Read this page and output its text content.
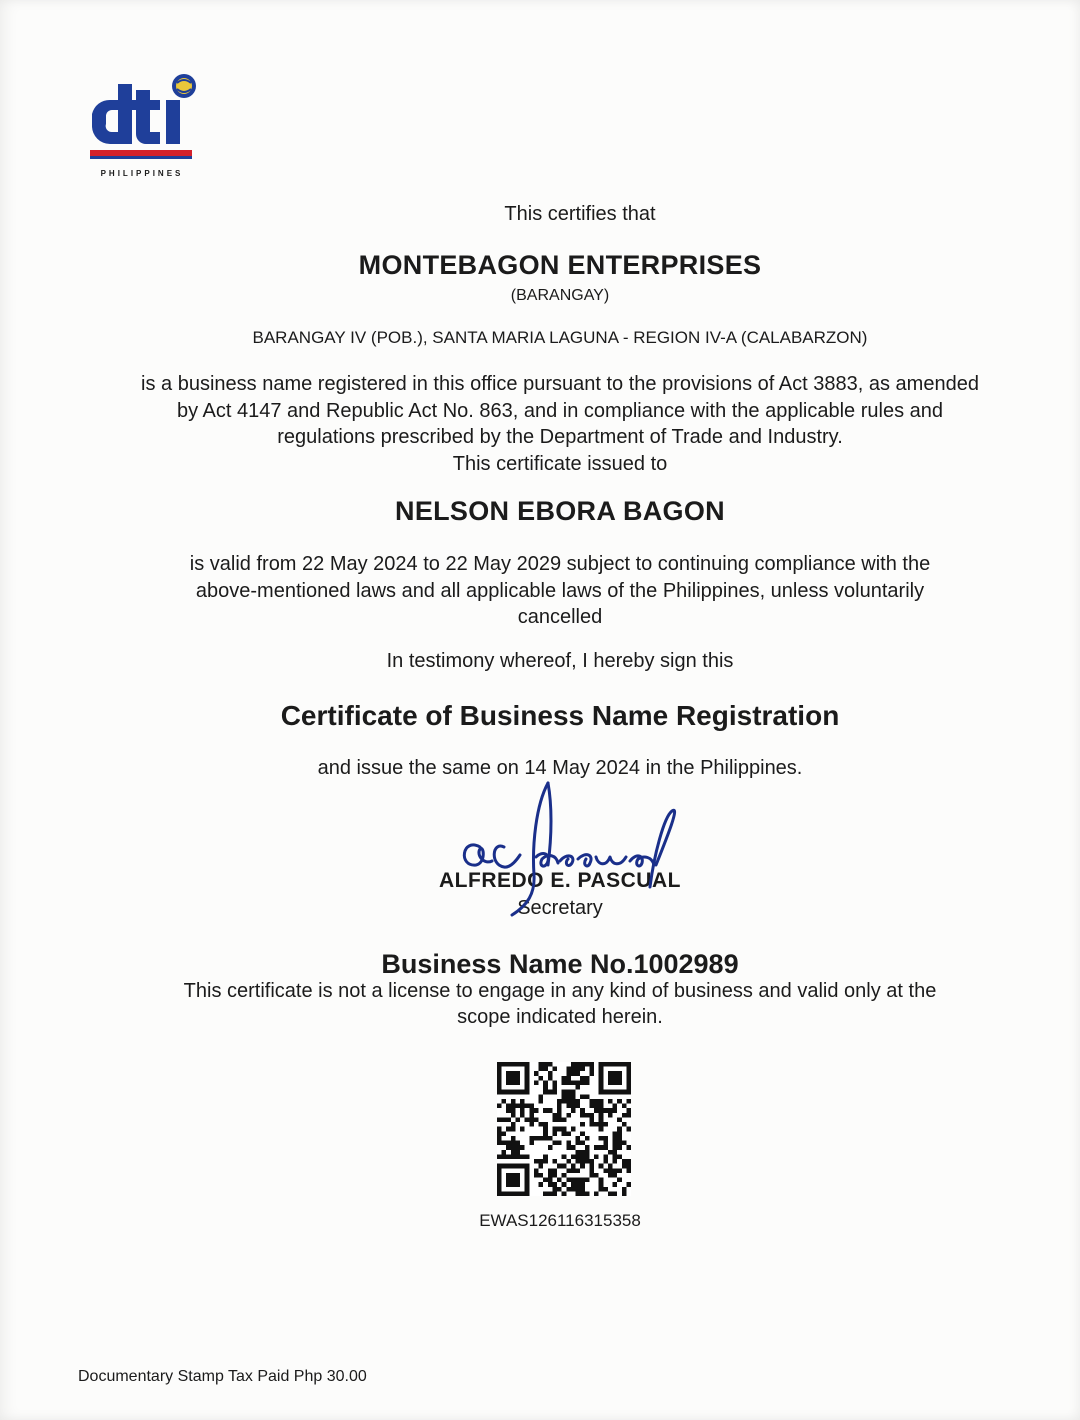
PHILIPPINES
This certifies that
MONTEBAGON ENTERPRISES
(BARANGAY)
BARANGAY IV (POB.), SANTA MARIA LAGUNA - REGION IV-A (CALABARZON)
is a business name registered in this office pursuant to the provisions of Act 3883, as amended
by Act 4147 and Republic Act No. 863, and in compliance with the applicable rules and
regulations prescribed by the Department of Trade and Industry.
This certificate issued to
NELSON EBORA BAGON
is valid from 22 May 2024 to 22 May 2029 subject to continuing compliance with the
above-mentioned laws and all applicable laws of the Philippines, unless voluntarily
cancelled
In testimony whereof, I hereby sign this
Certificate of Business Name Registration
and issue the same on 14 May 2024 in the Philippines.
ALFREDO E. PASCUAL
Secretary
Business Name No.1002989
This certificate is not a license to engage in any kind of business and valid only at the
scope indicated herein.
EWAS126116315358
Documentary Stamp Tax Paid Php 30.00
